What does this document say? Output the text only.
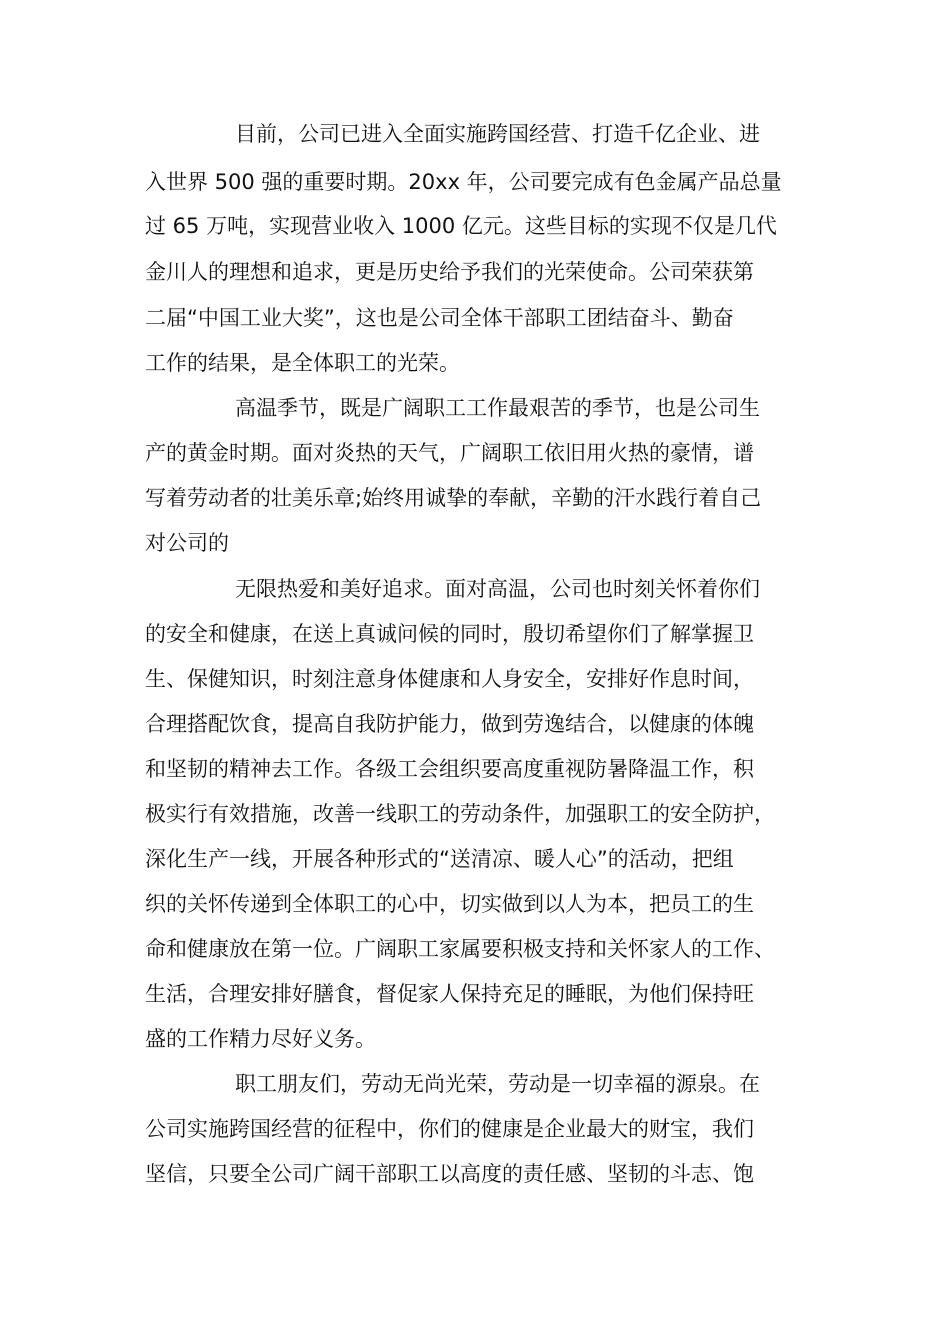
目前，公司已进入全面实施跨国经营、打造千亿企业、进
入世界 500 强的重要时期。20xx 年，公司要完成有色金属产品总量
过 65 万吨，实现营业收入 1000 亿元。这些目标的实现不仅是几代
金川人的理想和追求，更是历史给予我们的光荣使命。公司荣获第
二届“中国工业大奖”，这也是公司全体干部职工团结奋斗、勤奋
工作的结果，是全体职工的光荣。
高温季节，既是广阔职工工作最艰苦的季节，也是公司生
产的黄金时期。面对炎热的天气，广阔职工依旧用火热的豪情，谱
写着劳动者的壮美乐章;始终用诚挚的奉献，辛勤的汗水践行着自己
对公司的
无限热爱和美好追求。面对高温，公司也时刻关怀着你们
的安全和健康，在送上真诚问候的同时，殷切希望你们了解掌握卫
生、保健知识，时刻注意身体健康和人身安全，安排好作息时间，
合理搭配饮食，提高自我防护能力，做到劳逸结合，以健康的体魄
和坚韧的精神去工作。各级工会组织要高度重视防暑降温工作，积
极实行有效措施，改善一线职工的劳动条件，加强职工的安全防护，
深化生产一线，开展各种形式的“送清凉、暖人心”的活动，把组
织的关怀传递到全体职工的心中，切实做到以人为本，把员工的生
命和健康放在第一位。广阔职工家属要积极支持和关怀家人的工作、
生活，合理安排好膳食，督促家人保持充足的睡眠，为他们保持旺
盛的工作精力尽好义务。
职工朋友们，劳动无尚光荣，劳动是一切幸福的源泉。在
公司实施跨国经营的征程中，你们的健康是企业最大的财宝，我们
坚信，只要全公司广阔干部职工以高度的责任感、坚韧的斗志、饱
